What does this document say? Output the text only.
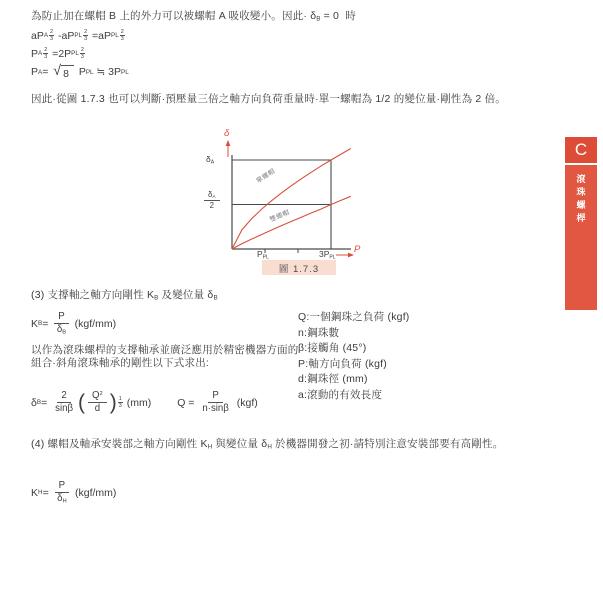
為防止加在螺帽 B 上的外力可以被螺帽 A 吸收變小。因此· δB = 0  時
aP A
2
3 -aP PL $\frac{2}{3} =aP$ PL
2
3
P A $\frac{2}{3} =2P$ PL
2
3
P A = √ 8 P PL ≒ 3P PL
因此·從圖 1.7.3 也可以判斷·預壓量三倍之軸方向負荷重量時·單一螺帽為 1/2 的變位量·剛性為 2 倍。
δ
δA
$\frac{\delta A}{2}$
PPL	3PPL
P
單螺帽
雙螺帽
圖 1.7.3
(3) 支撐軸之軸方向剛性 KB 及變位量 δB
K $B = \frac{P}{\delta B} (kgf/mm)$
以作為滾珠螺桿的支撐軸承並廣泛應用於精密機器方面的組合·斜角滾珠軸承的剛性以下式求出:
δ $B = \frac{2}{\sin\beta}$ ( $Q^2$
d ) 1
3 (mm) $Q = \frac{P}{n\cdot\sin\beta} (kgf)$
Q:一個鋼珠之負荷 (kgf)
n:鋼珠數
β:接觸角 (45°)
P:軸方向負荷 (kgf)
d:鋼珠徑 (mm)
a:滾動的有效長度
(4) 螺帽及軸承安裝部之軸方向剛性 KH 與變位量 δH 於機器開發之初·請特別注意安裝部要有高剛性。
K $H = \frac{P}{\delta H} (kgf/mm)$
C
滾珠螺桿
